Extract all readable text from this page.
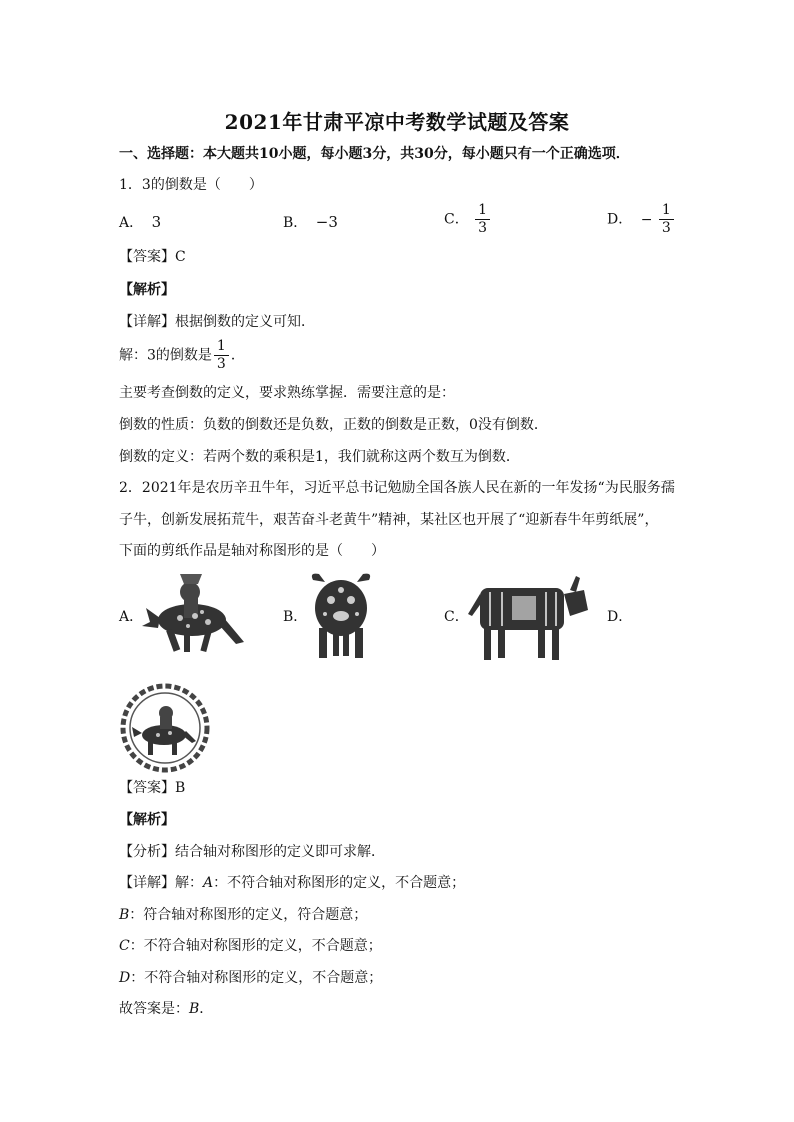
2021年甘肃平凉中考数学试题及答案
一、选择题：本大题共10小题，每小题3分，共30分，每小题只有一个正确选项．
1．3的倒数是（　　）
A． 3	B． −3	C． $\frac{1}{3}$	D． − $\frac{1}{3}$
【答案】C
【解析】
【详解】根据倒数的定义可知．
解：3的倒数是 $\frac{1}{3}$ ．
主要考查倒数的定义，要求熟练掌握．需要注意的是：
倒数的性质：负数的倒数还是负数，正数的倒数是正数，0没有倒数．
倒数的定义：若两个数的乘积是1，我们就称这两个数互为倒数．
2．2021年是农历辛丑牛年，习近平总书记勉励全国各族人民在新的一年发扬“为民服务孺
子牛，创新发展拓荒牛，艰苦奋斗老黄牛”精神，某社区也开展了“迎新春牛年剪纸展”，
下面的剪纸作品是轴对称图形的是（　　）
A．	B．	C．	D．
【答案】B
【解析】
【分析】结合轴对称图形的定义即可求解．
【详解】解：A：不符合轴对称图形的定义，不合题意；
B：符合轴对称图形的定义，符合题意；
C：不符合轴对称图形的定义，不合题意；
D：不符合轴对称图形的定义，不合题意；
故答案是：B．
